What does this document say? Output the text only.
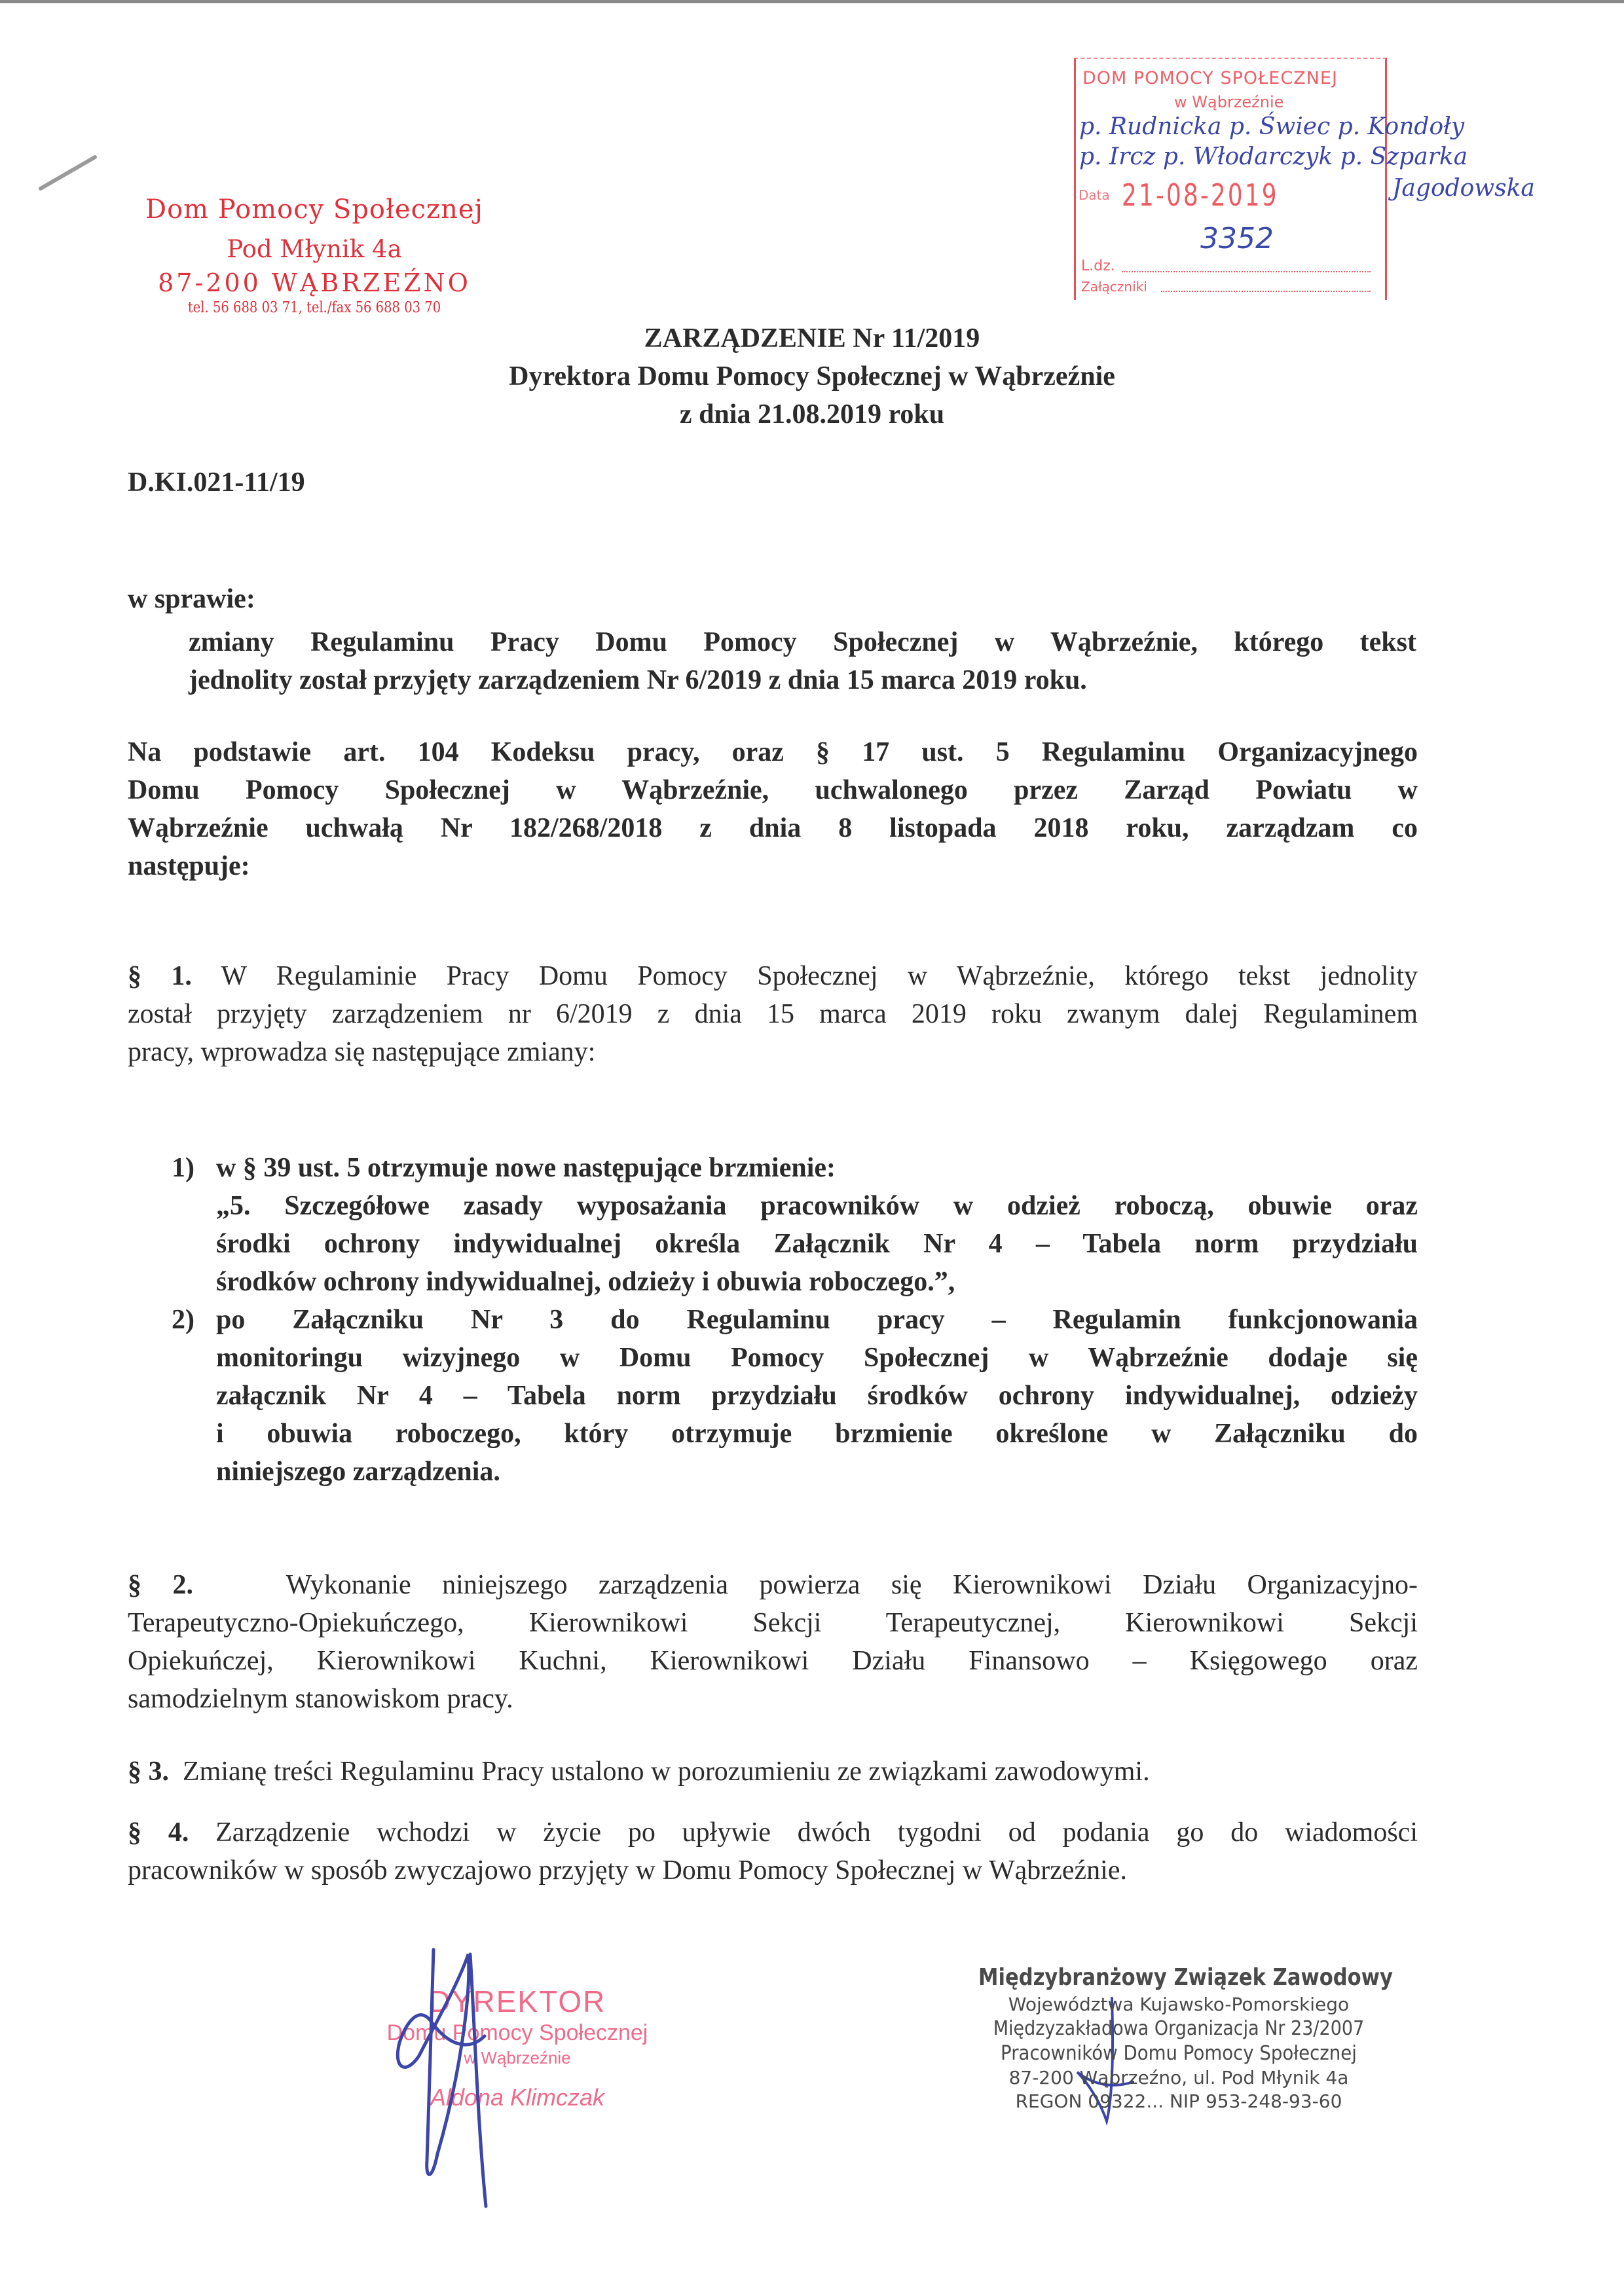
Dom Pomocy Społecznej
Pod Młynik 4a
87-200 WĄBRZEŹNO
tel. 56 688 03 71, tel./fax 56 688 03 70
DOM POMOCY SPOŁECZNEJ
w Wąbrzeźnie
Data 21-08-2019
3352
L.dz.
Załączniki
p. Rudnicka p. Świec p. Kondoły
p. Ircz p. Włodarczyk p. Szparka
Jagodowska
ZARZĄDZENIE Nr 11/2019
Dyrektora Domu Pomocy Społecznej w Wąbrzeźnie
z dnia 21.08.2019 roku
D.KI.021-11/19
w sprawie:
zmiany Regulaminu Pracy Domu Pomocy Społecznej w Wąbrzeźnie, którego tekst
jednolity został przyjęty zarządzeniem Nr 6/2019 z dnia 15 marca 2019 roku.
Na podstawie art. 104 Kodeksu pracy, oraz § 17 ust. 5 Regulaminu Organizacyjnego
Domu Pomocy Społecznej w Wąbrzeźnie, uchwalonego przez Zarząd Powiatu w
Wąbrzeźnie uchwałą Nr 182/268/2018 z dnia 8 listopada 2018 roku, zarządzam co
następuje:
§ 1. W Regulaminie Pracy Domu Pomocy Społecznej w Wąbrzeźnie, którego tekst jednolity
został przyjęty zarządzeniem nr 6/2019 z dnia 15 marca 2019 roku zwanym dalej Regulaminem
pracy, wprowadza się następujące zmiany:
1) w § 39 ust. 5 otrzymuje nowe następujące brzmienie:
„5. Szczegółowe zasady wyposażania pracowników w odzież roboczą, obuwie oraz
środki ochrony indywidualnej określa Załącznik Nr 4 – Tabela norm przydziału
środków ochrony indywidualnej, odzieży i obuwia roboczego.”,
2) po Załączniku Nr 3 do Regulaminu pracy – Regulamin funkcjonowania
monitoringu wizyjnego w Domu Pomocy Społecznej w Wąbrzeźnie dodaje się
załącznik Nr 4 – Tabela norm przydziału środków ochrony indywidualnej, odzieży
i obuwia roboczego, który otrzymuje brzmienie określone w Załączniku do
niniejszego zarządzenia.
§ 2.	Wykonanie niniejszego zarządzenia powierza się Kierownikowi Działu Organizacyjno-
Terapeutyczno-Opiekuńczego, Kierownikowi Sekcji Terapeutycznej, Kierownikowi Sekcji
Opiekuńczej, Kierownikowi Kuchni, Kierownikowi Działu Finansowo – Księgowego oraz
samodzielnym stanowiskom pracy.
§ 3. Zmianę treści Regulaminu Pracy ustalono w porozumieniu ze związkami zawodowymi.
§ 4. Zarządzenie wchodzi w życie po upływie dwóch tygodni od podania go do wiadomości
pracowników w sposób zwyczajowo przyjęty w Domu Pomocy Społecznej w Wąbrzeźnie.
DYREKTOR
Domu Pomocy Społecznej
w Wąbrzeźnie
Aldona Klimczak
Międzybranżowy Związek Zawodowy
Województwa Kujawsko-Pomorskiego
Międzyzakładowa Organizacja Nr 23/2007
Pracowników Domu Pomocy Społecznej
87-200 Wąbrzeźno, ul. Pod Młynik 4a
REGON 09322... NIP 953-248-93-60
